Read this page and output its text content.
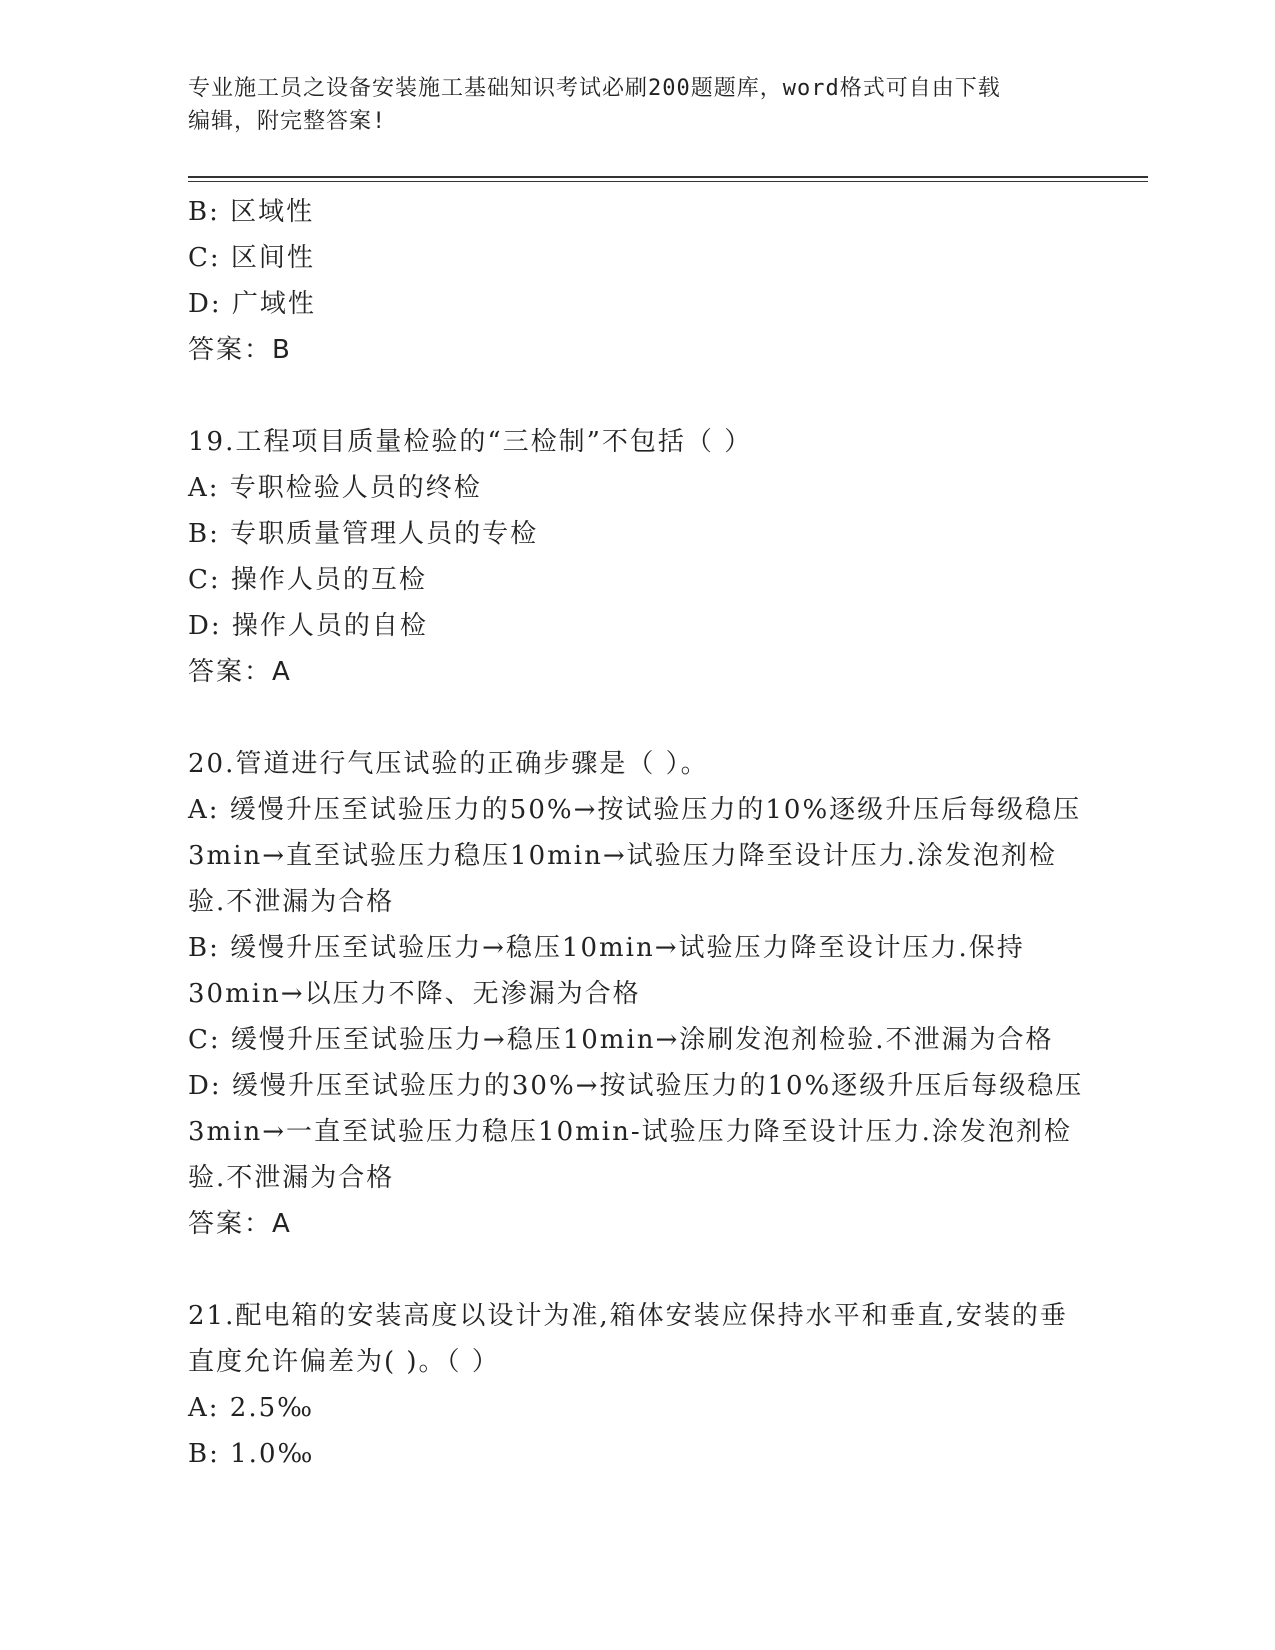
专业施工员之设备安装施工基础知识考试必刷200题题库，word格式可自由下载
编辑，附完整答案!

B: 区域性

C: 区间性

D: 广域性

答案：B

19.工程项目质量检验的“三检制”不包括（ ）

A: 专职检验人员的终检

B: 专职质量管理人员的专检

C: 操作人员的互检

D: 操作人员的自检

答案：A

20.管道进行气压试验的正确步骤是（ ）。

A: 缓慢升压至试验压力的50%→按试验压力的10%逐级升压后每级稳压3min→直至试验压力稳压10min→试验压力降至设计压力.涂发泡剂检验.不泄漏为合格

B: 缓慢升压至试验压力→稳压10min→试验压力降至设计压力.保持30min→以压力不降、无渗漏为合格

C: 缓慢升压至试验压力→稳压10min→涂刷发泡剂检验.不泄漏为合格

D: 缓慢升压至试验压力的30%→按试验压力的10%逐级升压后每级稳压3min→一直至试验压力稳压10min-试验压力降至设计压力.涂发泡剂检验.不泄漏为合格

答案：A

21.配电箱的安装高度以设计为准,箱体安装应保持水平和垂直,安装的垂直度允许偏差为( )。（ ）

A: 2.5‰

B: 1.0‰
